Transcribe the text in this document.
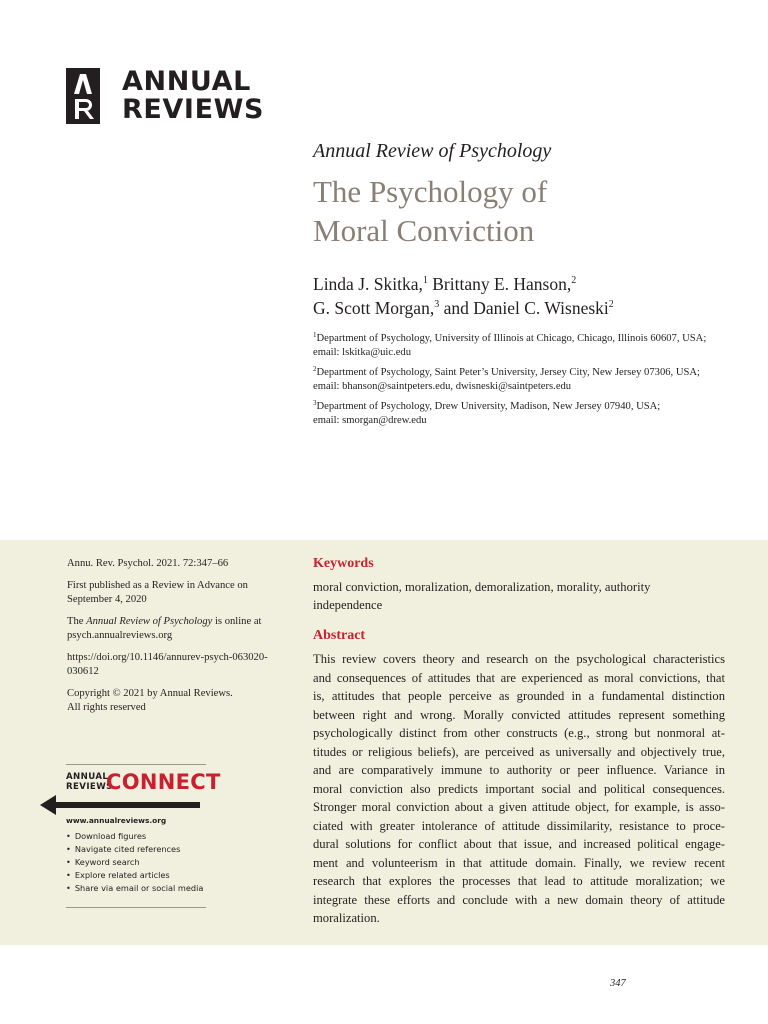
ANNUAL
REVIEWS
Annual Review of Psychology
The Psychology of
Moral Conviction
Linda J. Skitka,$^1$ Brittany E. Hanson,$^2$
G. Scott Morgan,$^3$ and Daniel C. Wisneski$^2$
$^1$Department of Psychology, University of Illinois at Chicago, Chicago, Illinois 60607, USA;
email: lskitka@uic.edu
$^2$Department of Psychology, Saint Peter’s University, Jersey City, New Jersey 07306, USA;
email: bhanson@saintpeters.edu, dwisneski@saintpeters.edu
$^3$Department of Psychology, Drew University, Madison, New Jersey 07940, USA;
email: smorgan@drew.edu

Annu. Rev. Psychol. 2021. 72:347–66

First published as a Review in Advance on
September 4, 2020

The Annual Review of Psychology is online at
psych.annualreviews.org

https://doi.org/10.1146/annurev-psych-063020-
030612

Copyright © 2021 by Annual Reviews.
All rights reserved

ANNUAL
REVIEWS
CONNECT
www.annualreviews.org
• Download figures
• Navigate cited references
• Keyword search
• Explore related articles
• Share via email or social media
Keywords
moral conviction, moralization, demoralization, morality, authority
independence
Abstract
This review covers theory and research on the psychological characteristics
and consequences of attitudes that are experienced as moral convictions, that
is, attitudes that people perceive as grounded in a fundamental distinction
between right and wrong. Morally convicted attitudes represent something
psychologically distinct from other constructs (e.g., strong but nonmoral at-
titudes or religious beliefs), are perceived as universally and objectively true,
and are comparatively immune to authority or peer influence. Variance in
moral conviction also predicts important social and political consequences.
Stronger moral conviction about a given attitude object, for example, is asso-
ciated with greater intolerance of attitude dissimilarity, resistance to proce-
dural solutions for conflict about that issue, and increased political engage-
ment and volunteerism in that attitude domain. Finally, we review recent
research that explores the processes that lead to attitude moralization; we
integrate these efforts and conclude with a new domain theory of attitude
moralization.
347
